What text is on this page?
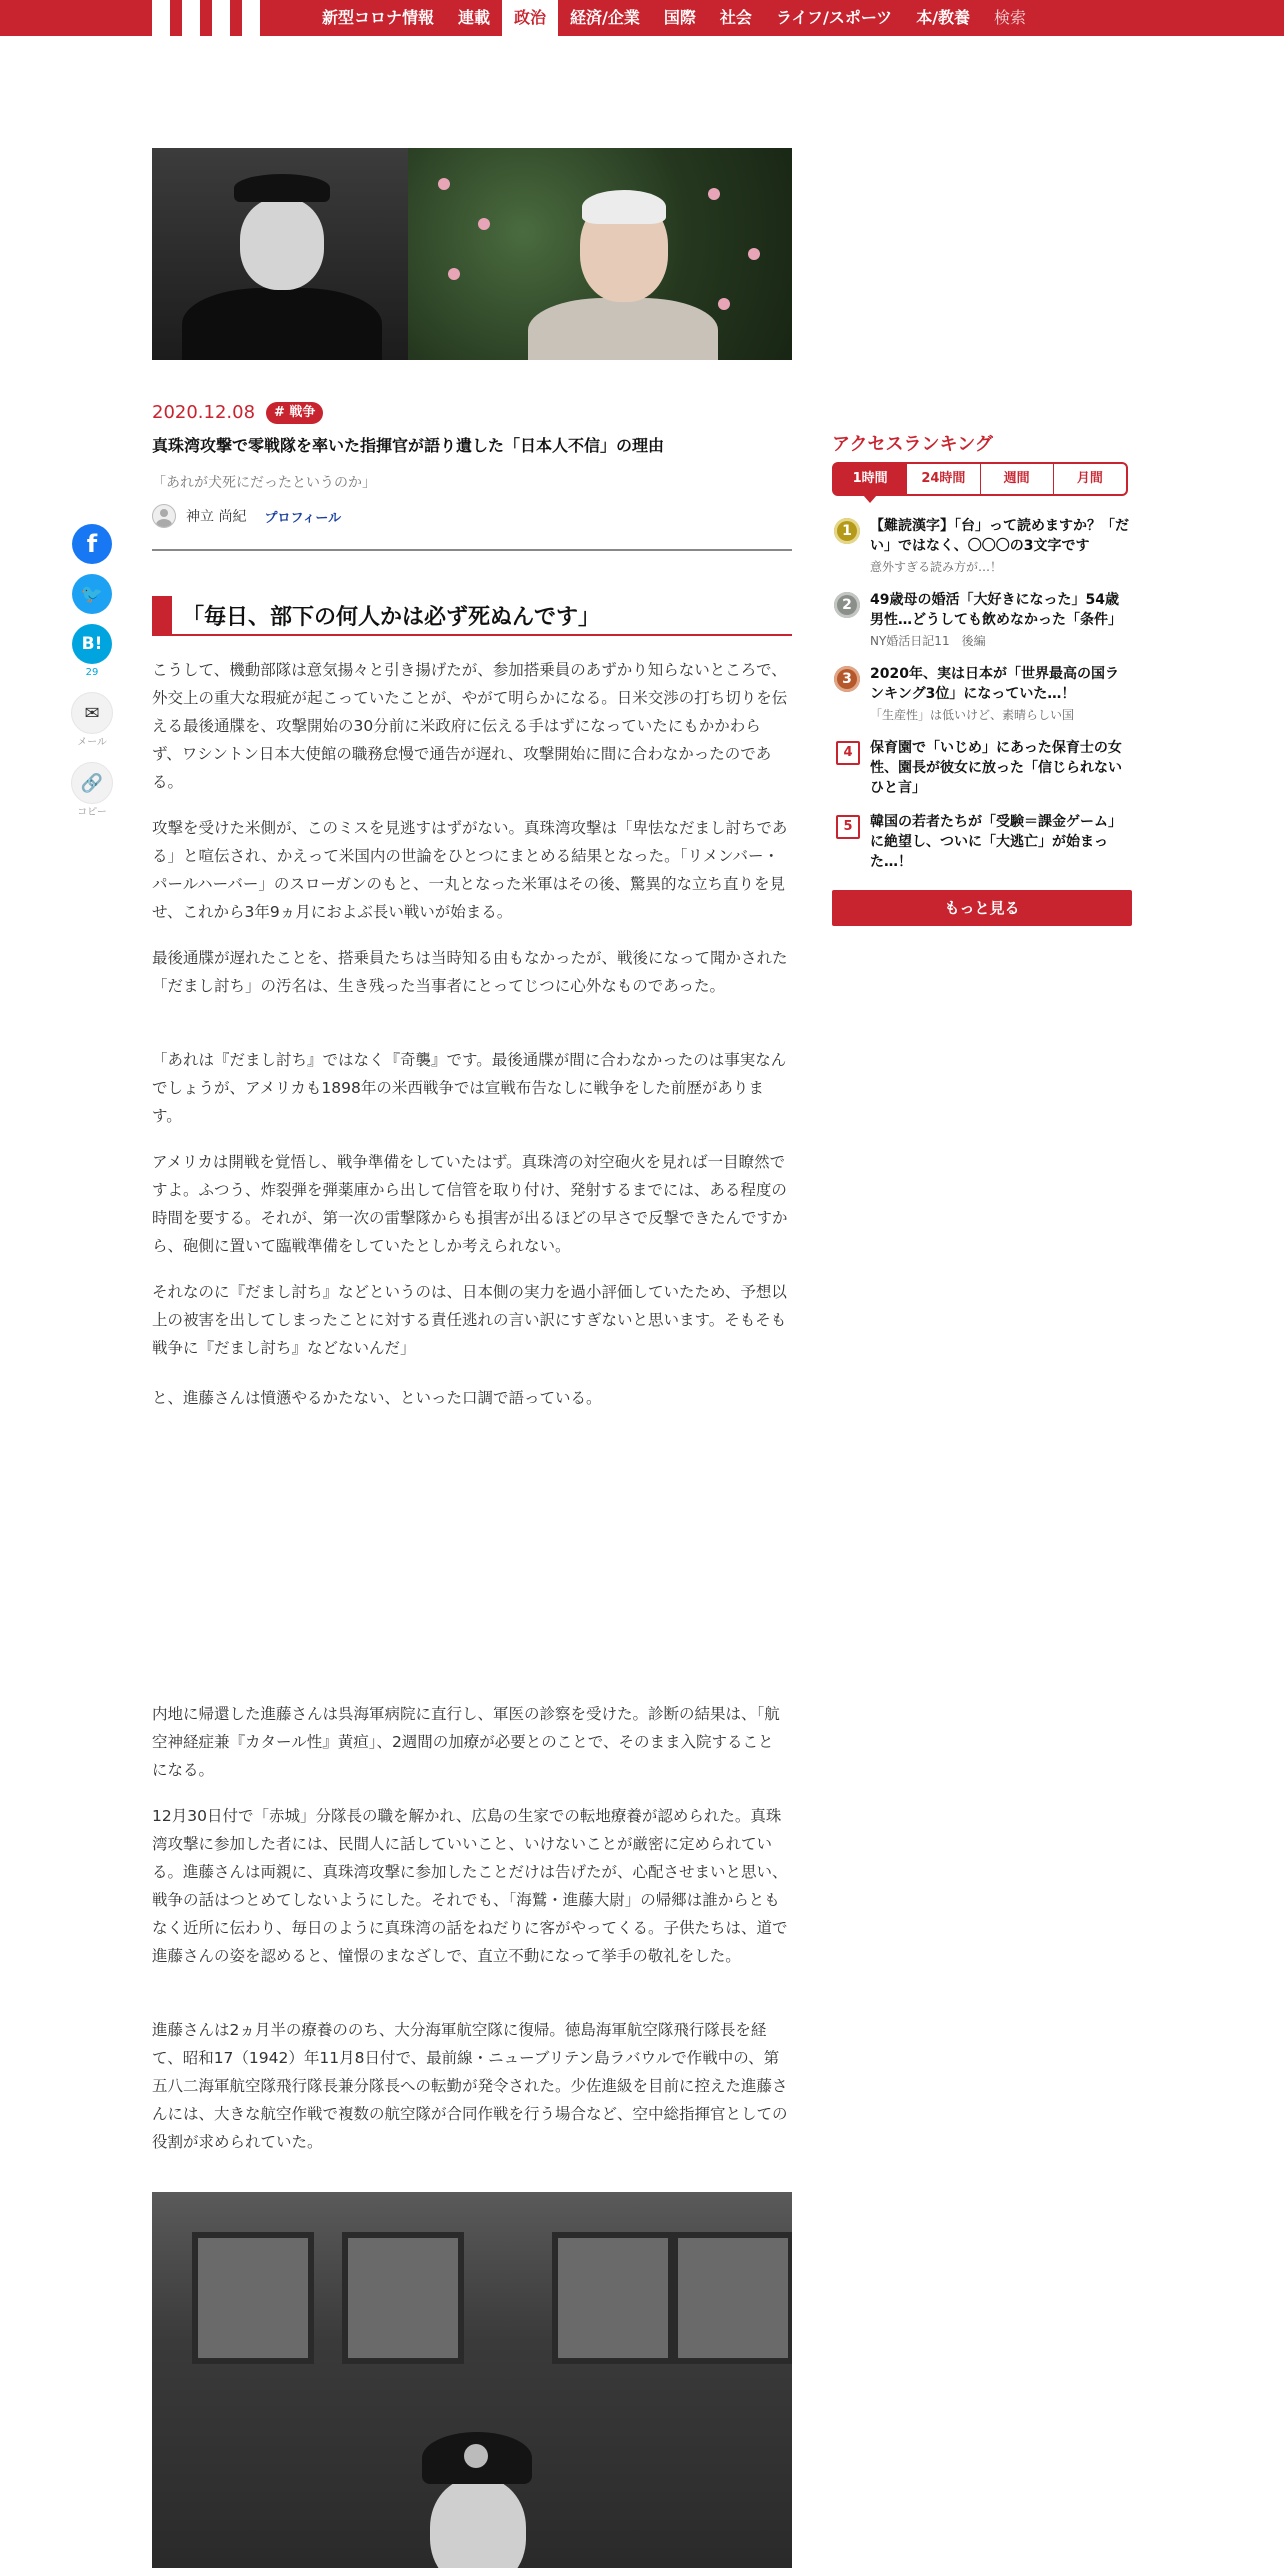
新型コロナ情報	連載	政治	経済/企業	国際	社会	ライフ/スポーツ	本/教養	検索
f
🐦
B!
29
✉
メール
🔗
コピー
2020.12.08	# 戦争
真珠湾攻撃で零戦隊を率いた指揮官が語り遺した「日本人不信」の理由
「あれが犬死にだったというのか」
神立 尚紀 プロフィール
「毎日、部下の何人かは必ず死ぬんです」

こうして、機動部隊は意気揚々と引き揚げたが、参加搭乗員のあずかり知らないところで、外交上の重大な瑕疵が起こっていたことが、やがて明らかになる。日米交渉の打ち切りを伝える最後通牒を、攻撃開始の30分前に米政府に伝える手はずになっていたにもかかわらず、ワシントン日本大使館の職務怠慢で通告が遅れ、攻撃開始に間に合わなかったのである。

攻撃を受けた米側が、このミスを見逃すはずがない。真珠湾攻撃は「卑怯なだまし討ちである」と喧伝され、かえって米国内の世論をひとつにまとめる結果となった。「リメンバー・パールハーバー」のスローガンのもと、一丸となった米軍はその後、驚異的な立ち直りを見せ、これから3年9ヵ月におよぶ長い戦いが始まる。

最後通牒が遅れたことを、搭乗員たちは当時知る由もなかったが、戦後になって聞かされた「だまし討ち」の汚名は、生き残った当事者にとってじつに心外なものであった。

「あれは『だまし討ち』ではなく『奇襲』です。最後通牒が間に合わなかったのは事実なんでしょうが、アメリカも1898年の米西戦争では宣戦布告なしに戦争をした前歴があります。

アメリカは開戦を覚悟し、戦争準備をしていたはず。真珠湾の対空砲火を見れば一目瞭然ですよ。ふつう、炸裂弾を弾薬庫から出して信管を取り付け、発射するまでには、ある程度の時間を要する。それが、第一次の雷撃隊からも損害が出るほどの早さで反撃できたんですから、砲側に置いて臨戦準備をしていたとしか考えられない。

それなのに『だまし討ち』などというのは、日本側の実力を過小評価していたため、予想以上の被害を出してしまったことに対する責任逃れの言い訳にすぎないと思います。そもそも戦争に『だまし討ち』などないんだ」

と、進藤さんは憤懣やるかたない、といった口調で語っている。

内地に帰還した進藤さんは呉海軍病院に直行し、軍医の診察を受けた。診断の結果は、「航空神経症兼『カタール性』黄疸」、2週間の加療が必要とのことで、そのまま入院することになる。

12月30日付で「赤城」分隊長の職を解かれ、広島の生家での転地療養が認められた。真珠湾攻撃に参加した者には、民間人に話していいこと、いけないことが厳密に定められている。進藤さんは両親に、真珠湾攻撃に参加したことだけは告げたが、心配させまいと思い、戦争の話はつとめてしないようにした。それでも、「海鷲・進藤大尉」の帰郷は誰からともなく近所に伝わり、毎日のように真珠湾の話をねだりに客がやってくる。子供たちは、道で進藤さんの姿を認めると、憧憬のまなざしで、直立不動になって挙手の敬礼をした。

進藤さんは2ヵ月半の療養ののち、大分海軍航空隊に復帰。徳島海軍航空隊飛行隊長を経て、昭和17（1942）年11月8日付で、最前線・ニューブリテン島ラバウルで作戦中の、第五八二海軍航空隊飛行隊長兼分隊長への転勤が発令された。少佐進級を目前に控えた進藤さんには、大きな航空作戦で複数の航空隊が合同作戦を行う場合など、空中総指揮官としての役割が求められていた。

アクセスランキング
1時間	24時間	週間	月間
1	【難読漢字】「台」って読めますか？「だい」ではなく、〇〇〇の3文字です
意外すぎる読み方が…！
2	49歳母の婚活「大好きになった」54歳男性…どうしても飲めなかった「条件」
NY婚活日記11　後編
3	2020年、実は日本が「世界最高の国ランキング3位」になっていた…！
「生産性」は低いけど、素晴らしい国
4	保育園で「いじめ」にあった保育士の女性、園長が彼女に放った「信じられないひと言」
5	韓国の若者たちが「受験＝課金ゲーム」に絶望し、ついに「大逃亡」が始まった…！
もっと見る
